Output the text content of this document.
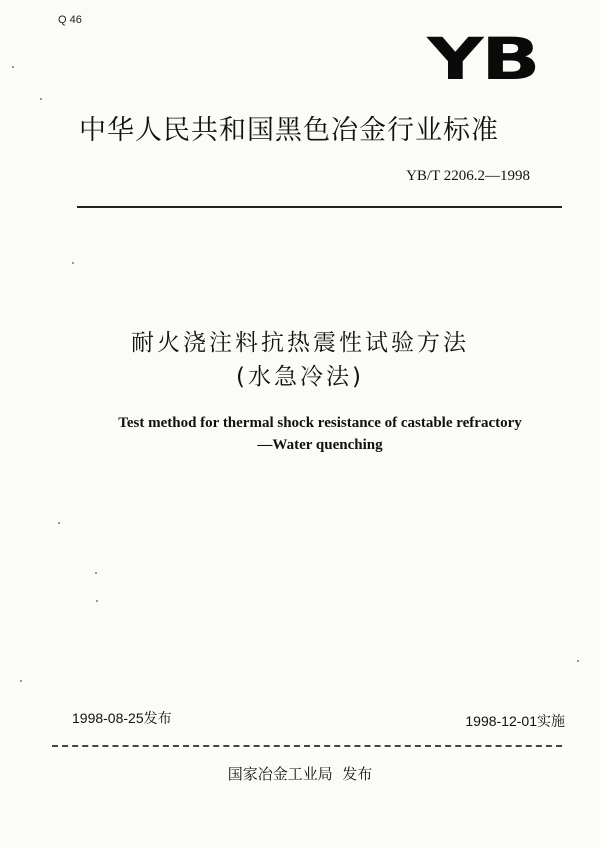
Q 46
YB
中华人民共和国黑色冶金行业标准
YB/T 2206.2—1998
耐火浇注料抗热震性试验方法
(水急冷法)
Test method for thermal shock resistance of castable refractory
—Water quenching
1998-08-25发布	1998-12-01实施
国家冶金工业局  发布
